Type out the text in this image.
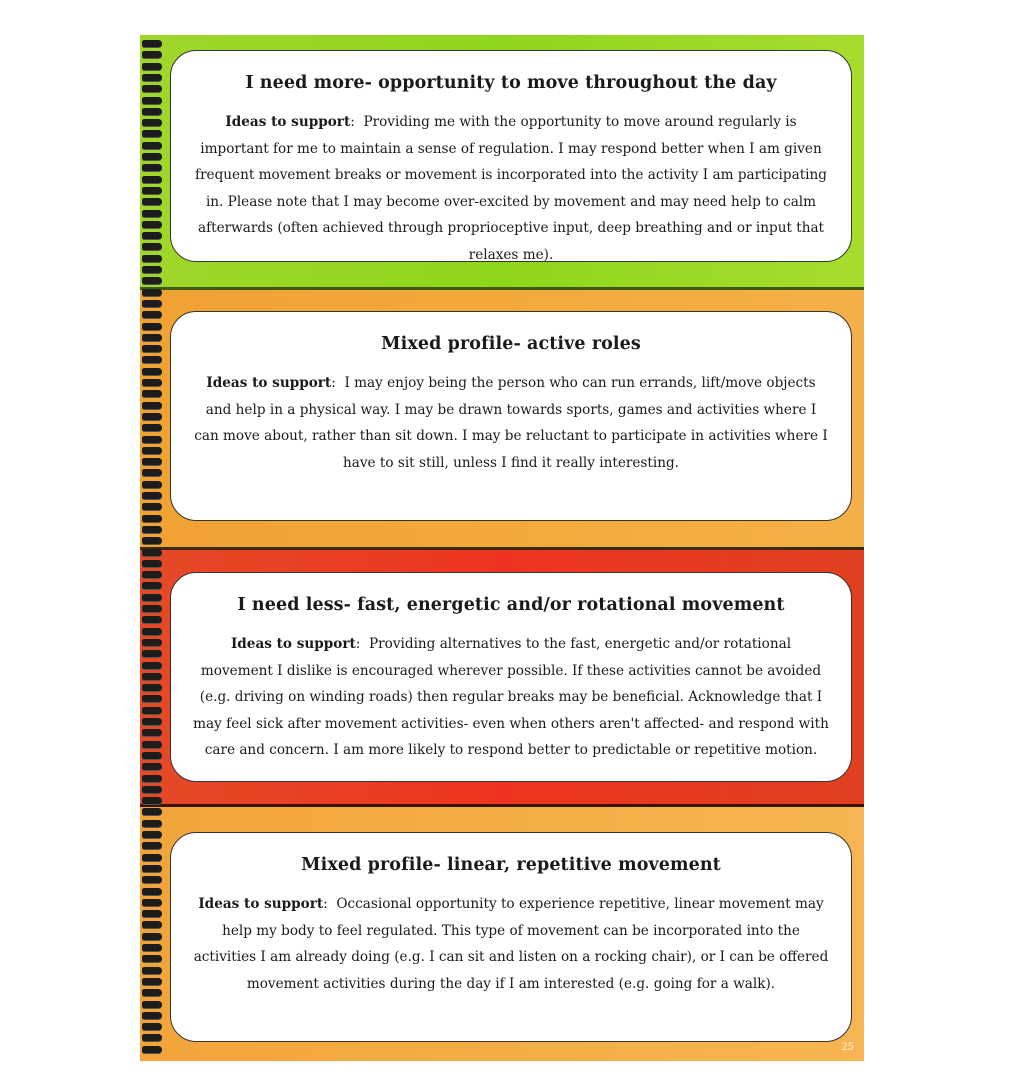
I need more- opportunity to move throughout the day

Ideas to support:  Providing me with the opportunity to move around regularly is important for me to maintain a sense of regulation. I may respond better when I am given frequent movement breaks or movement is incorporated into the activity I am participating in. Please note that I may become over-excited by movement and may need help to calm afterwards (often achieved through proprioceptive input, deep breathing and or input that relaxes me).

Mixed profile- active roles

Ideas to support:  I may enjoy being the person who can run errands, lift/move objects and help in a physical way. I may be drawn towards sports, games and activities where I can move about, rather than sit down. I may be reluctant to participate in activities where I have to sit still, unless I find it really interesting.

I need less- fast, energetic and/or rotational movement

Ideas to support:  Providing alternatives to the fast, energetic and/or rotational movement I dislike is encouraged wherever possible. If these activities cannot be avoided (e.g. driving on winding roads) then regular breaks may be beneficial. Acknowledge that I may feel sick after movement activities- even when others aren't affected- and respond with care and concern. I am more likely to respond better to predictable or repetitive motion.

Mixed profile- linear, repetitive movement

Ideas to support:  Occasional opportunity to experience repetitive, linear movement may help my body to feel regulated. This type of movement can be incorporated into the activities I am already doing (e.g. I can sit and listen on a rocking chair), or I can be offered movement activities during the day if I am interested (e.g. going for a walk).

25
